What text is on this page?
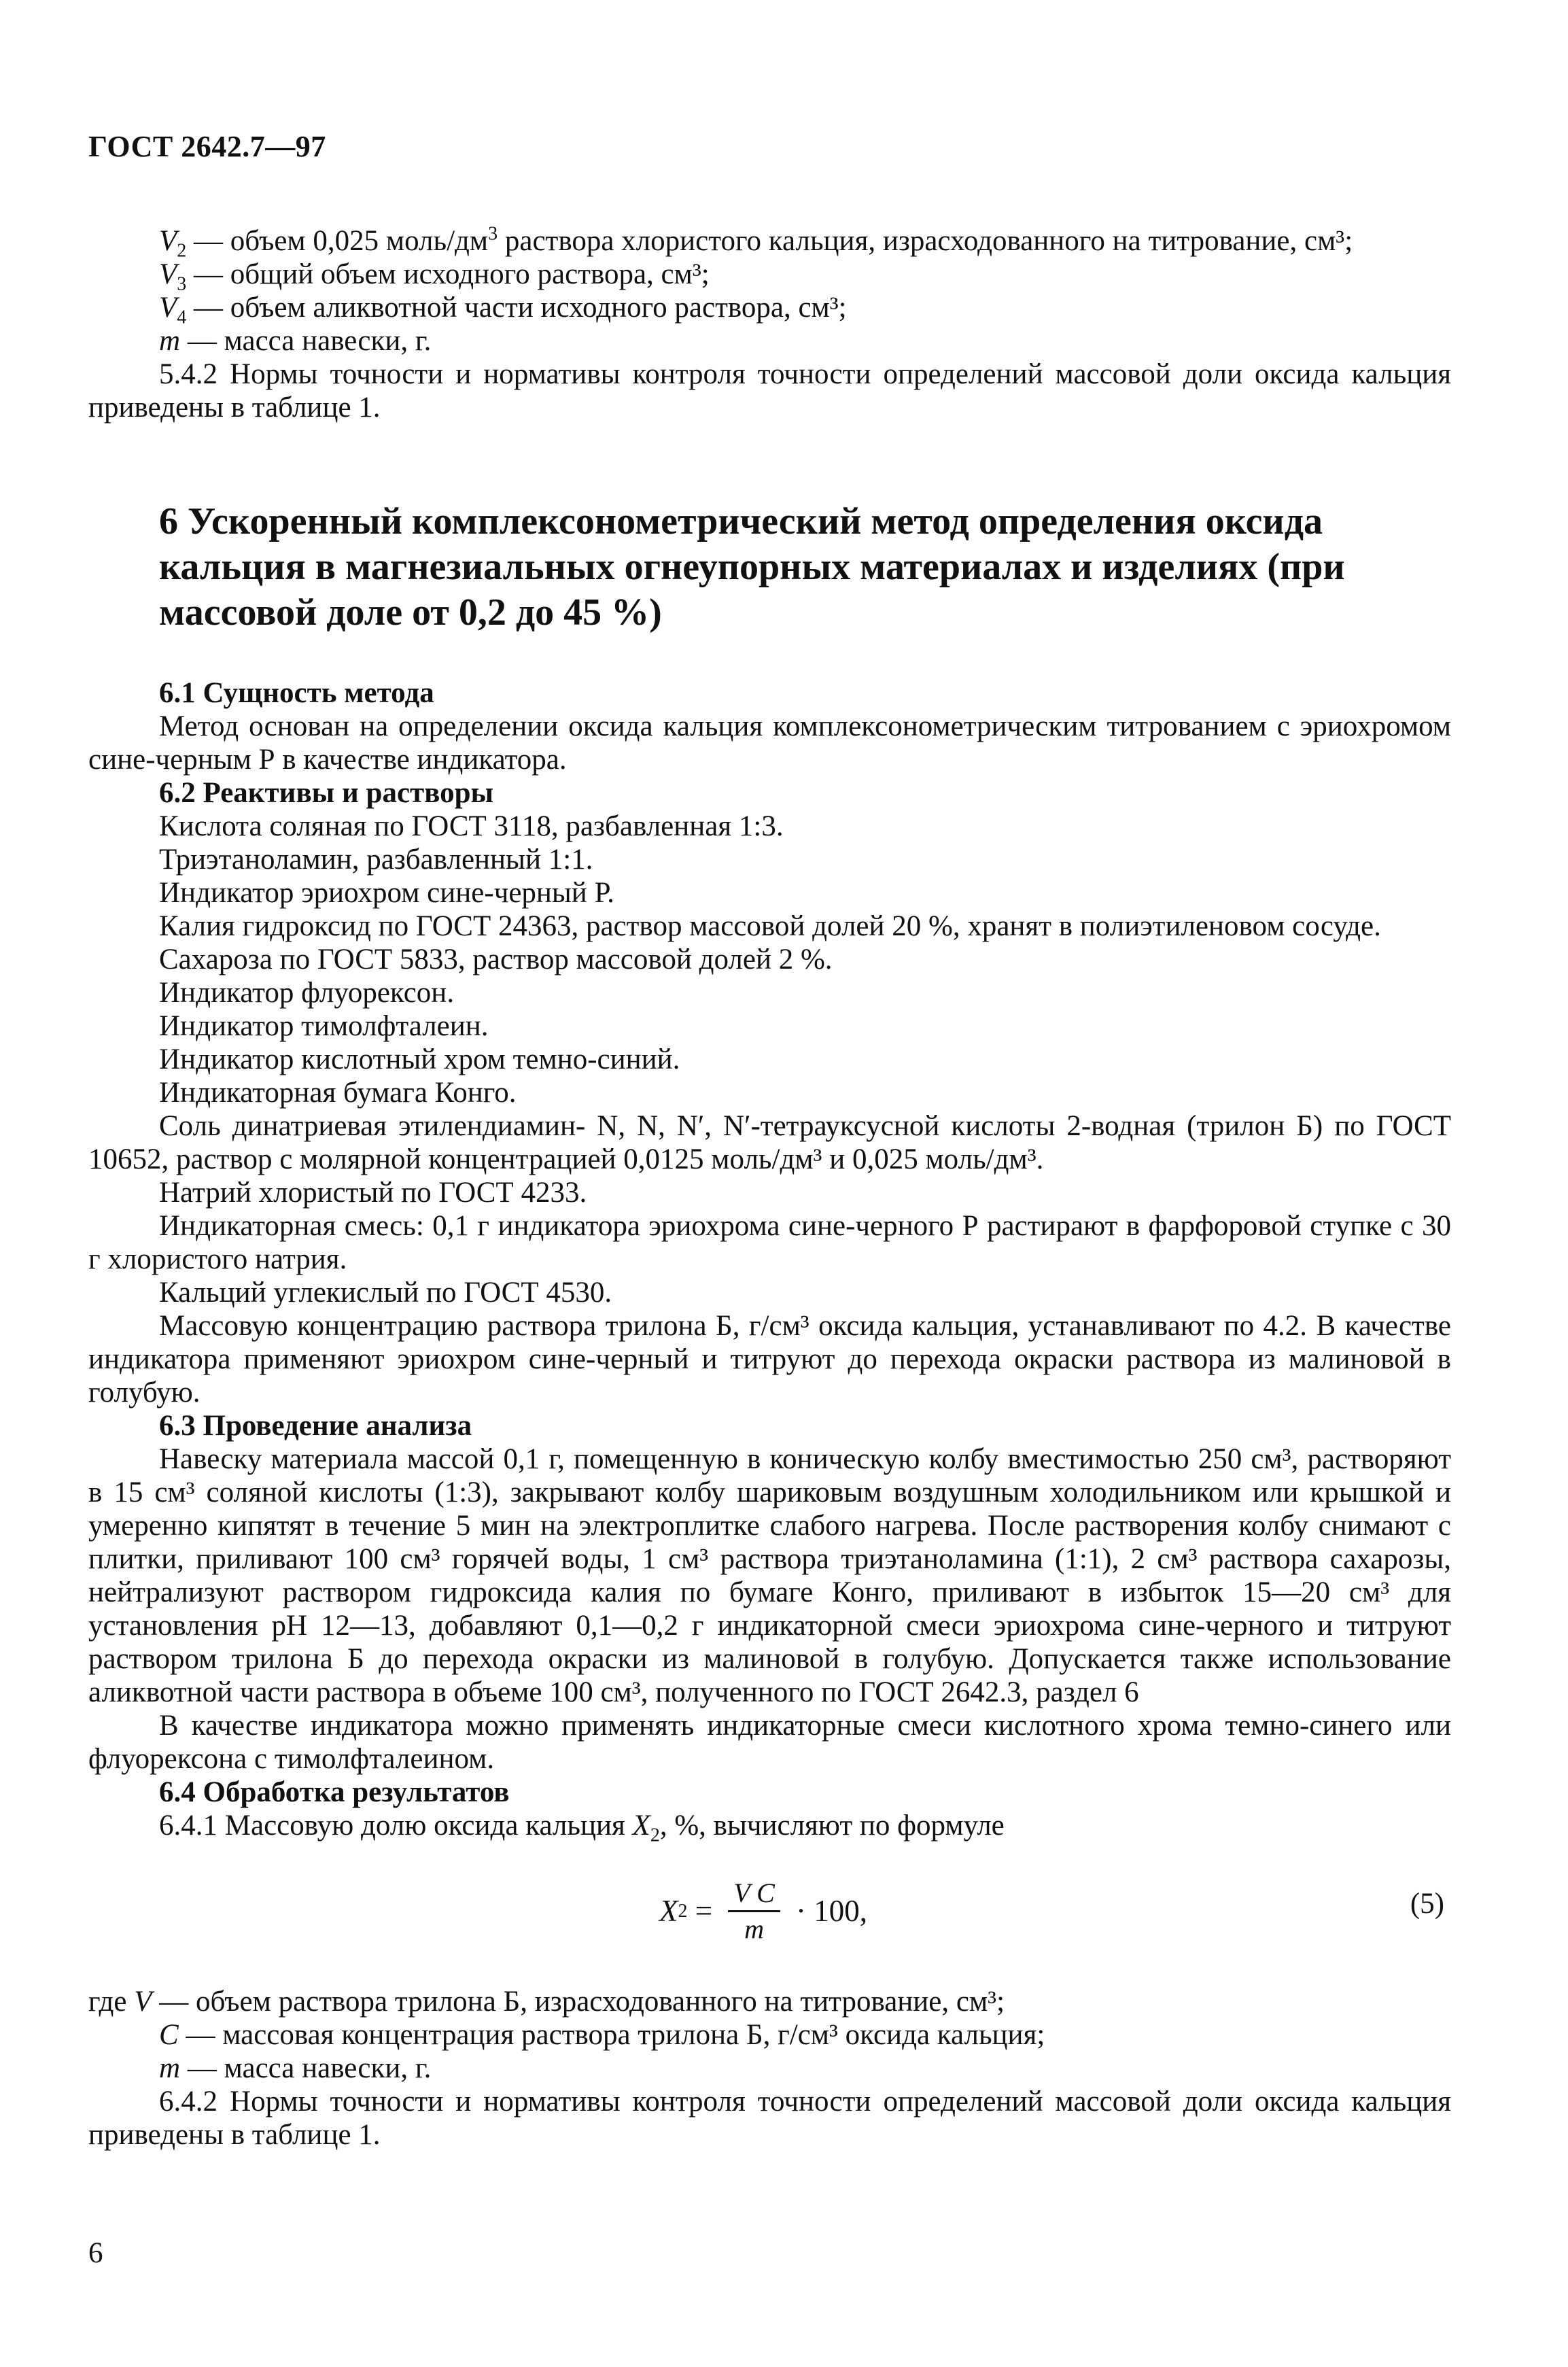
ГОСТ 2642.7—97

$V_2$ — объем 0,025 моль/$дм^3$ раствора хлористого кальция, израсходованного на титрование, см³;

$V_3$ — общий объем исходного раствора, см³;

$V_4$ — объем аликвотной части исходного раствора, см³;

m — масса навески, г.

5.4.2 Нормы точности и нормативы контроля точности определений массовой доли оксида кальция приведены в таблице 1.

6 Ускоренный комплексонометрический метод определения оксида кальция в магнезиальных огнеупорных материалах и изделиях (при массовой доле от 0,2 до 45 %)

6.1 Сущность метода

Метод основан на определении оксида кальция комплексонометрическим титрованием с эриохромом сине-черным Р в качестве индикатора.

6.2 Реактивы и растворы

Кислота соляная по ГОСТ 3118, разбавленная 1:3.

Триэтаноламин, разбавленный 1:1.

Индикатор эриохром сине-черный Р.

Калия гидроксид по ГОСТ 24363, раствор массовой долей 20 %, хранят в полиэтиленовом сосуде.

Сахароза по ГОСТ 5833, раствор массовой долей 2 %.

Индикатор флуорексон.

Индикатор тимолфталеин.

Индикатор кислотный хром темно-синий.

Индикаторная бумага Конго.

Соль динатриевая этилендиамин- N, N, N′, N′-тетрауксусной кислоты 2-водная (трилон Б) по ГОСТ 10652, раствор с молярной концентрацией 0,0125 моль/дм³ и 0,025 моль/дм³.

Натрий хлористый по ГОСТ 4233.

Индикаторная смесь: 0,1 г индикатора эриохрома сине-черного Р растирают в фарфоровой ступке с 30 г хлористого натрия.

Кальций углекислый по ГОСТ 4530.

Массовую концентрацию раствора трилона Б, г/см³ оксида кальция, устанавливают по 4.2. В качестве индикатора применяют эриохром сине-черный и титруют до перехода окраски раствора из малиновой в голубую.

6.3 Проведение анализа

Навеску материала массой 0,1 г, помещенную в коническую колбу вместимостью 250 см³, растворяют в 15 см³ соляной кислоты (1:3), закрывают колбу шариковым воздушным холодильником или крышкой и умеренно кипятят в течение 5 мин на электроплитке слабого нагрева. После растворения колбу снимают с плитки, приливают 100 см³ горячей воды, 1 см³ раствора триэтаноламина (1:1), 2 см³ раствора сахарозы, нейтрализуют раствором гидроксида калия по бумаге Конго, приливают в избыток 15—20 см³ для установления pH 12—13, добавляют 0,1—0,2 г индикаторной смеси эриохрома сине-черного и титруют раствором трилона Б до перехода окраски из малиновой в голубую. Допускается также использование аликвотной части раствора в объеме 100 см³, полученного по ГОСТ 2642.3, раздел 6

В качестве индикатора можно применять индикаторные смеси кислотного хрома темно-синего или флуорексона с тимолфталеином.

6.4 Обработка результатов

6.4.1 Массовую долю оксида кальция $X_2$, %, вычисляют по формуле

X $2 = \frac{\text{V C}}{m} \cdot 100$,	(5)

где V — объем раствора трилона Б, израсходованного на титрование, см³;

C — массовая концентрация раствора трилона Б, г/см³ оксида кальция;

m — масса навески, г.

6.4.2 Нормы точности и нормативы контроля точности определений массовой доли оксида кальция приведены в таблице 1.

6
